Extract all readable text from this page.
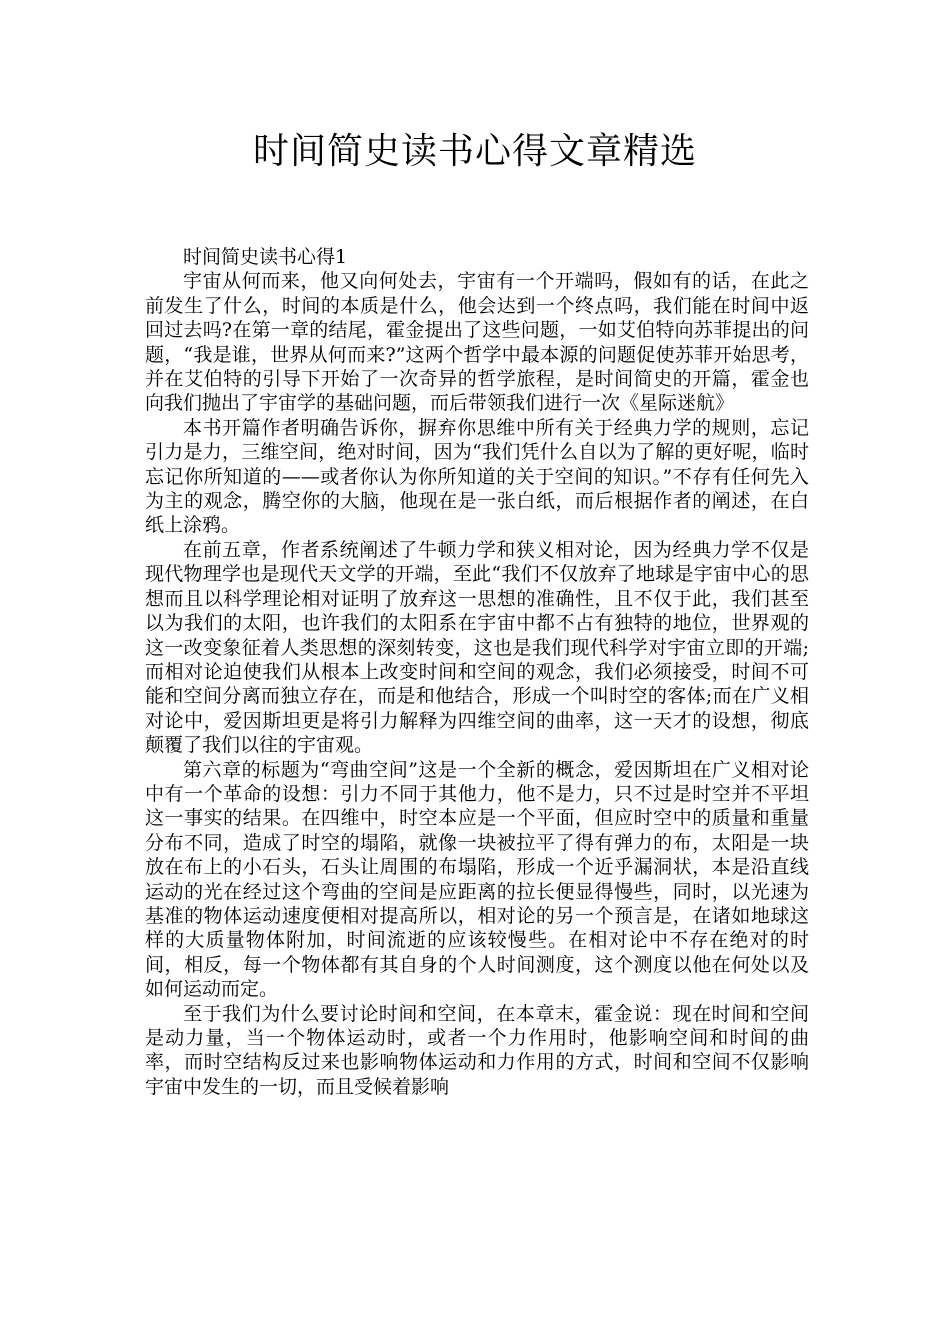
时间简史读书心得文章精选

时间简史读书心得1

宇宙从何而来，他又向何处去，宇宙有一个开端吗，假如有的话，在此之前发生了什么，时间的本质是什么，他会达到一个终点吗，我们能在时间中返回过去吗?在第一章的结尾，霍金提出了这些问题，一如艾伯特向苏菲提出的问题，“我是谁，世界从何而来?”这两个哲学中最本源的问题促使苏菲开始思考，并在艾伯特的引导下开始了一次奇异的哲学旅程，是时间简史的开篇，霍金也向我们抛出了宇宙学的基础问题，而后带领我们进行一次《星际迷航》

本书开篇作者明确告诉你，摒弃你思维中所有关于经典力学的规则，忘记引力是力，三维空间，绝对时间，因为“我们凭什么自以为了解的更好呢，临时忘记你所知道的——或者你认为你所知道的关于空间的知识。”不存有任何先入为主的观念，腾空你的大脑，他现在是一张白纸，而后根据作者的阐述，在白纸上涂鸦。

在前五章，作者系统阐述了牛顿力学和狭义相对论，因为经典力学不仅是现代物理学也是现代天文学的开端，至此“我们不仅放弃了地球是宇宙中心的思想而且以科学理论相对证明了放弃这一思想的准确性，且不仅于此，我们甚至以为我们的太阳，也许我们的太阳系在宇宙中都不占有独特的地位，世界观的这一改变象征着人类思想的深刻转变，这也是我们现代科学对宇宙立即的开端;而相对论迫使我们从根本上改变时间和空间的观念，我们必须接受，时间不可能和空间分离而独立存在，而是和他结合，形成一个叫时空的客体;而在广义相对论中，爱因斯坦更是将引力解释为四维空间的曲率，这一天才的设想，彻底颠覆了我们以往的宇宙观。

第六章的标题为“弯曲空间”这是一个全新的概念，爱因斯坦在广义相对论中有一个革命的设想：引力不同于其他力，他不是力，只不过是时空并不平坦这一事实的结果。在四维中，时空本应是一个平面，但应时空中的质量和重量分布不同，造成了时空的塌陷，就像一块被拉平了得有弹力的布，太阳是一块放在布上的小石头，石头让周围的布塌陷，形成一个近乎漏洞状，本是沿直线运动的光在经过这个弯曲的空间是应距离的拉长便显得慢些，同时，以光速为基准的物体运动速度便相对提高所以，相对论的另一个预言是，在诸如地球这样的大质量物体附加，时间流逝的应该较慢些。在相对论中不存在绝对的时间，相反，每一个物体都有其自身的个人时间测度，这个测度以他在何处以及如何运动而定。

至于我们为什么要讨论时间和空间，在本章末，霍金说：现在时间和空间是动力量，当一个物体运动时，或者一个力作用时，他影响空间和时间的曲率，而时空结构反过来也影响物体运动和力作用的方式，时间和空间不仅影响宇宙中发生的一切，而且受候着影响
